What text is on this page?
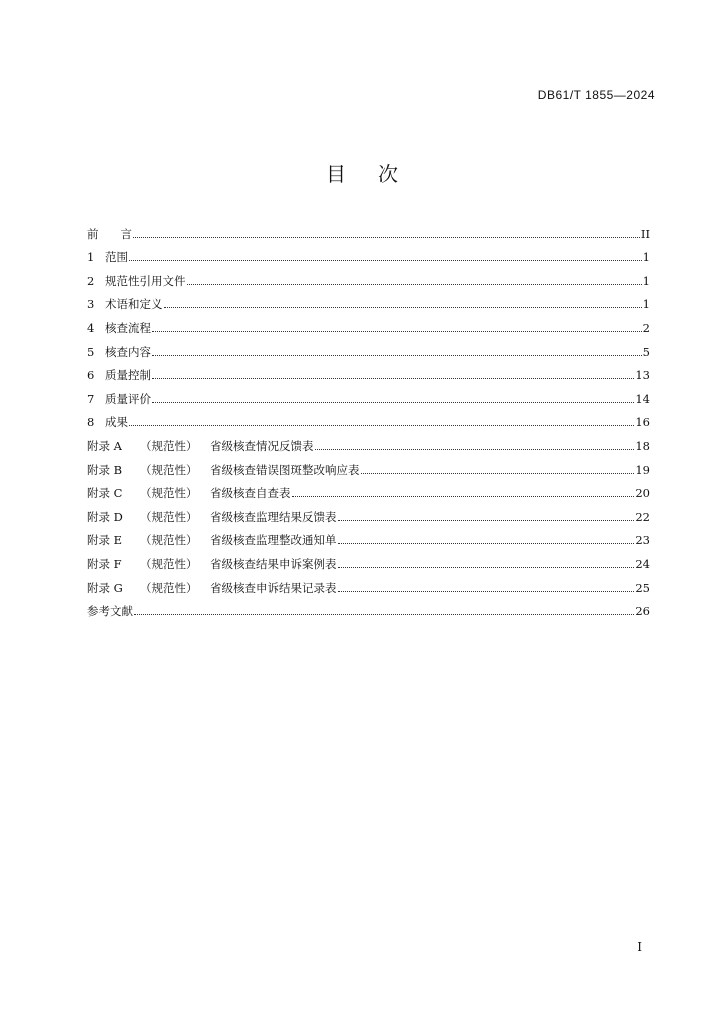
DB61/T 1855—2024
目次
前 言	II
1 范围	1
2 规范性引用文件	1
3 术语和定义	1
4 核查流程	2
5 核查内容	5
6 质量控制	13
7 质量评价	14
8 成果	16
附录 A	（规范性）	省级核查情况反馈表	18
附录 B	（规范性）	省级核查错误图斑整改响应表	19
附录 C	（规范性）	省级核查自查表	20
附录 D	（规范性）	省级核查监理结果反馈表	22
附录 E	（规范性）	省级核查监理整改通知单	23
附录 F	（规范性）	省级核查结果申诉案例表	24
附录 G	（规范性）	省级核查申诉结果记录表	25
参考文献	26
I
